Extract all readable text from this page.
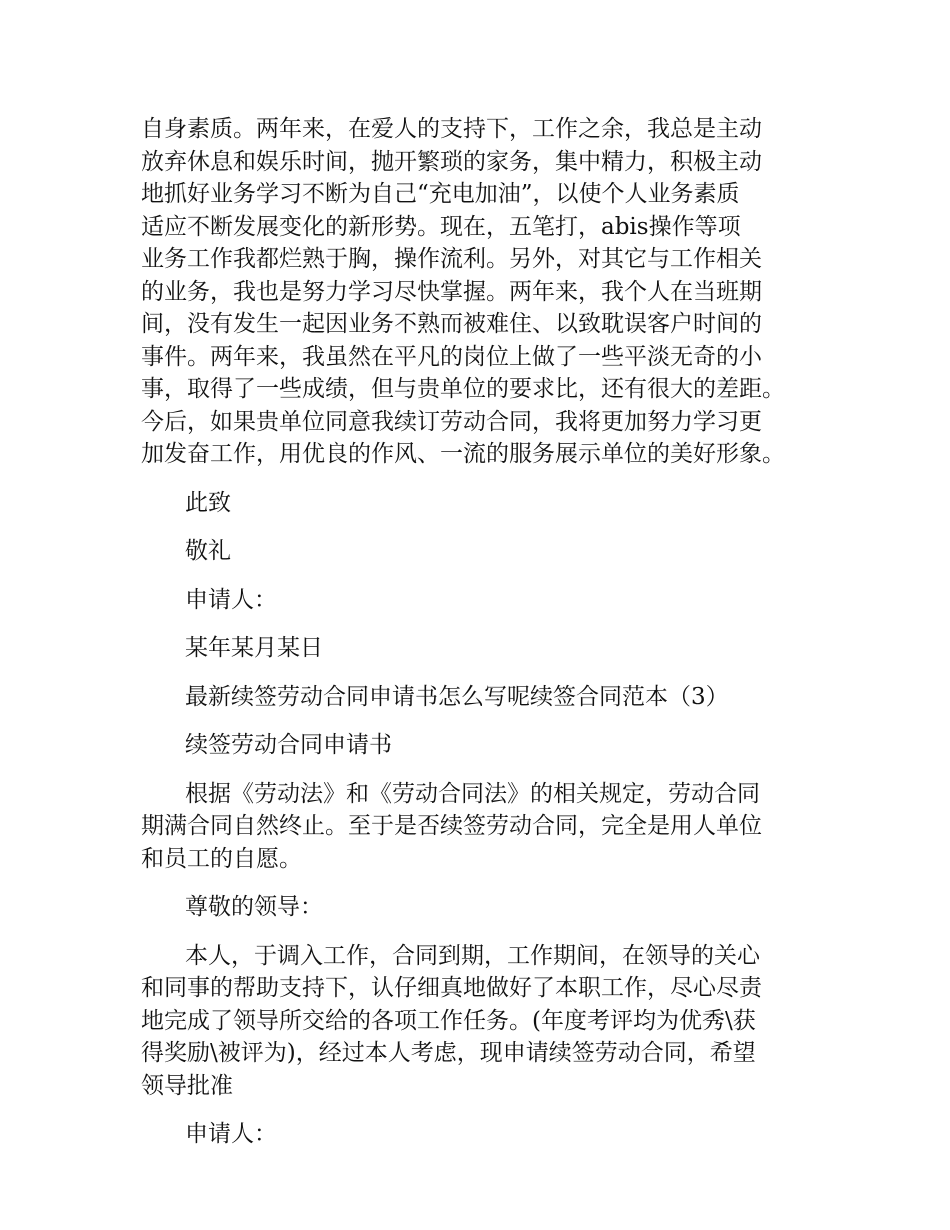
自身素质。两年来，在爱人的支持下，工作之余，我总是主动
放弃休息和娱乐时间，抛开繁琐的家务，集中精力，积极主动
地抓好业务学习不断为自己“充电加油”，以使个人业务素质
适应不断发展变化的新形势。现在，五笔打，abis操作等项
业务工作我都烂熟于胸，操作流利。另外，对其它与工作相关
的业务，我也是努力学习尽快掌握。两年来，我个人在当班期
间，没有发生一起因业务不熟而被难住、以致耽误客户时间的
事件。两年来，我虽然在平凡的岗位上做了一些平淡无奇的小
事，取得了一些成绩，但与贵单位的要求比，还有很大的差距。
今后，如果贵单位同意我续订劳动合同，我将更加努力学习更
加发奋工作，用优良的作风、一流的服务展示单位的美好形象。

此致

敬礼

申请人：

某年某月某日

最新续签劳动合同申请书怎么写呢续签合同范本（3）

续签劳动合同申请书

根据《劳动法》和《劳动合同法》的相关规定，劳动合同
期满合同自然终止。至于是否续签劳动合同，完全是用人单位
和员工的自愿。

尊敬的领导：

本人，于调入工作，合同到期，工作期间，在领导的关心
和同事的帮助支持下，认仔细真地做好了本职工作，尽心尽责
地完成了领导所交给的各项工作任务。(年度考评均为优秀\获
得奖励\被评为)，经过本人考虑，现申请续签劳动合同，希望
领导批准

申请人：
